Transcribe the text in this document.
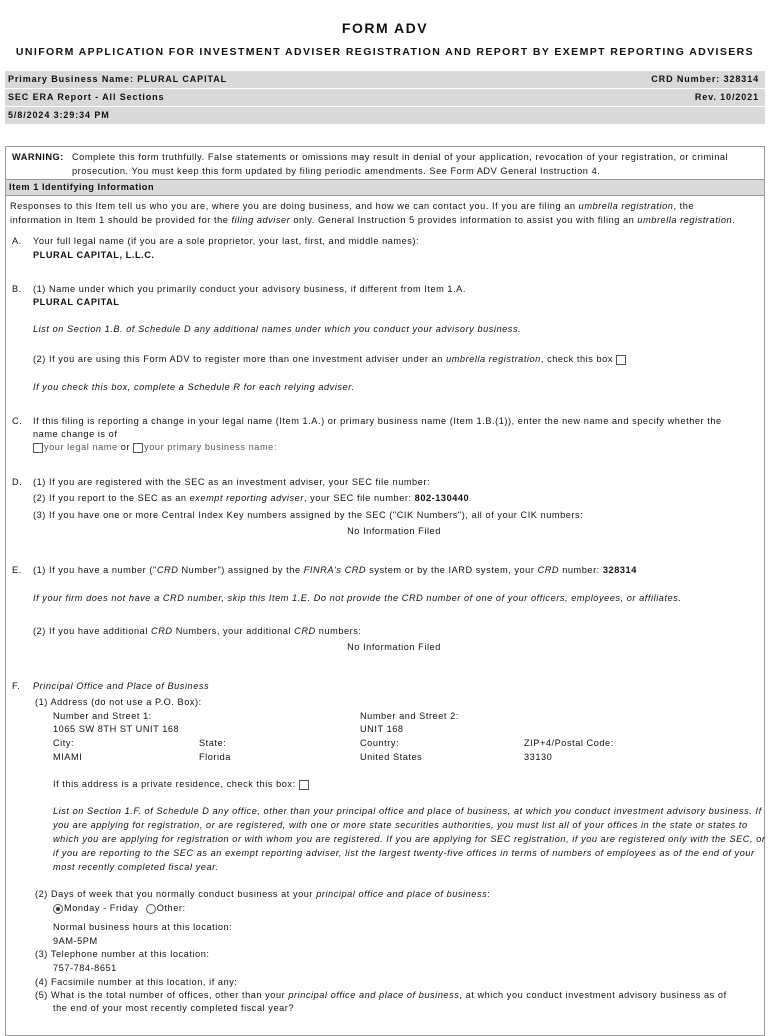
FORM ADV
UNIFORM APPLICATION FOR INVESTMENT ADVISER REGISTRATION AND REPORT BY EXEMPT REPORTING ADVISERS
Primary Business Name: PLURAL CAPITAL	CRD Number: 328314
SEC ERA Report - All Sections	Rev. 10/2021
5/8/2024 3:29:34 PM
WARNING: Complete this form truthfully. False statements or omissions may result in denial of your application, revocation of your registration, or criminal
prosecution. You must keep this form updated by filing periodic amendments. See Form ADV General Instruction 4.
Item 1 Identifying Information
Responses to this Item tell us who you are, where you are doing business, and how we can contact you. If you are filing an umbrella registration, the
information in Item 1 should be provided for the filing adviser only. General Instruction 5 provides information to assist you with filing an umbrella registration.
A. Your full legal name (if you are a sole proprietor, your last, first, and middle names):
PLURAL CAPITAL, L.L.C.
B. (1) Name under which you primarily conduct your advisory business, if different from Item 1.A.
PLURAL CAPITAL
List on Section 1.B. of Schedule D any additional names under which you conduct your advisory business.
(2) If you are using this Form ADV to register more than one investment adviser under an umbrella registration, check this box
If you check this box, complete a Schedule R for each relying adviser.
C. If this filing is reporting a change in your legal name (Item 1.A.) or primary business name (Item 1.B.(1)), enter the new name and specify whether the
name change is of
your legal name or your primary business name:
D. (1) If you are registered with the SEC as an investment adviser, your SEC file number:
(2) If you report to the SEC as an exempt reporting adviser, your SEC file number: 802-130440
(3) If you have one or more Central Index Key numbers assigned by the SEC ("CIK Numbers"), all of your CIK numbers:
No Information Filed
E. (1) If you have a number ("CRD Number") assigned by the FINRA's CRD system or by the IARD system, your CRD number: 328314
If your firm does not have a CRD number, skip this Item 1.E. Do not provide the CRD number of one of your officers, employees, or affiliates.
(2) If you have additional CRD Numbers, your additional CRD numbers:
No Information Filed
F. Principal Office and Place of Business
(1) Address (do not use a P.O. Box):
Number and Street 1:
1065 SW 8TH ST UNIT 168
Number and Street 2:
UNIT 168
City:
MIAMI
State:
Florida
Country:
United States
ZIP+4/Postal Code:
33130
If this address is a private residence, check this box:
List on Section 1.F. of Schedule D any office, other than your principal office and place of business, at which you conduct investment advisory business. If
you are applying for registration, or are registered, with one or more state securities authorities, you must list all of your offices in the state or states to
which you are applying for registration or with whom you are registered. If you are applying for SEC registration, if you are registered only with the SEC, or
if you are reporting to the SEC as an exempt reporting adviser, list the largest twenty-five offices in terms of numbers of employees as of the end of your
most recently completed fiscal year.
(2) Days of week that you normally conduct business at your principal office and place of business:
Monday - Friday Other:
Normal business hours at this location:
9AM-5PM
(3) Telephone number at this location:
757-784-8651
(4) Facsimile number at this location, if any:
(5) What is the total number of offices, other than your principal office and place of business, at which you conduct investment advisory business as of
the end of your most recently completed fiscal year?
